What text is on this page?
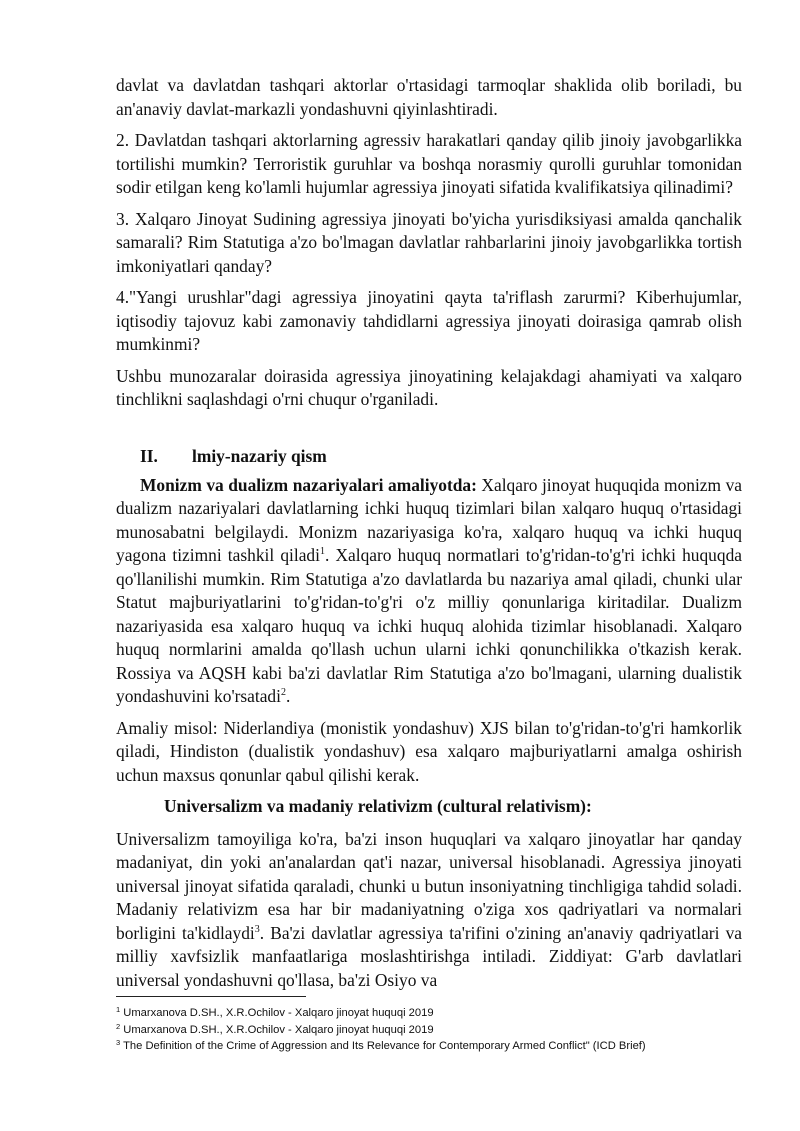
davlat va davlatdan tashqari aktorlar o'rtasidagi tarmoqlar shaklida olib boriladi, bu an'anaviy davlat-markazli yondashuvni qiyinlashtiradi.

2. Davlatdan tashqari aktorlarning agressiv harakatlari qanday qilib jinoiy javobgarlikka tortilishi mumkin? Terroristik guruhlar va boshqa norasmiy qurolli guruhlar tomonidan sodir etilgan keng ko'lamli hujumlar agressiya jinoyati sifatida kvalifikatsiya qilinadimi?

3. Xalqaro Jinoyat Sudining agressiya jinoyati bo'yicha yurisdiksiyasi amalda qanchalik samarali? Rim Statutiga a'zo bo'lmagan davlatlar rahbarlarini jinoiy javobgarlikka tortish imkoniyatlari qanday?

4."Yangi urushlar"dagi agressiya jinoyatini qayta ta'riflash zarurmi? Kiberhujumlar, iqtisodiy tajovuz kabi zamonaviy tahdidlarni agressiya jinoyati doirasiga qamrab olish mumkinmi?

Ushbu munozaralar doirasida agressiya jinoyatining kelajakdagi ahamiyati va xalqaro tinchlikni saqlashdagi o'rni chuqur o'rganiladi.

II. lmiy-nazariy qism

Monizm va dualizm nazariyalari amaliyotda: Xalqaro jinoyat huquqida monizm va dualizm nazariyalari davlatlarning ichki huquq tizimlari bilan xalqaro huquq o'rtasidagi munosabatni belgilaydi. Monizm nazariyasiga ko'ra, xalqaro huquq va ichki huquq yagona tizimni tashkil qiladi$^1$. Xalqaro huquq normatlari to'g'ridan-to'g'ri ichki huquqda qo'llanilishi mumkin. Rim Statutiga a'zo davlatlarda bu nazariya amal qiladi, chunki ular Statut majburiyatlarini to'g'ridan-to'g'ri o'z milliy qonunlariga kiritadilar. Dualizm nazariyasida esa xalqaro huquq va ichki huquq alohida tizimlar hisoblanadi. Xalqaro huquq normlarini amalda qo'llash uchun ularni ichki qonunchilikka o'tkazish kerak. Rossiya va AQSH kabi ba'zi davlatlar Rim Statutiga a'zo bo'lmagani, ularning dualistik yondashuvini ko'rsatadi$^2$.

Amaliy misol: Niderlandiya (monistik yondashuv) XJS bilan to'g'ridan-to'g'ri hamkorlik qiladi, Hindiston (dualistik yondashuv) esa xalqaro majburiyatlarni amalga oshirish uchun maxsus qonunlar qabul qilishi kerak.

Universalizm va madaniy relativizm (cultural relativism):

Universalizm tamoyiliga ko'ra, ba'zi inson huquqlari va xalqaro jinoyatlar har qanday madaniyat, din yoki an'analardan qat'i nazar, universal hisoblanadi. Agressiya jinoyati universal jinoyat sifatida qaraladi, chunki u butun insoniyatning tinchligiga tahdid soladi. Madaniy relativizm esa har bir madaniyatning o'ziga xos qadriyatlari va normalari borligini ta'kidlaydi$^3$. Ba'zi davlatlar agressiya ta'rifini o'zining an'anaviy qadriyatlari va milliy xavfsizlik manfaatlariga moslashtirishga intiladi. Ziddiyat: G'arb davlatlari universal yondashuvni qo'llasa, ba'zi Osiyo va

$^1$ Umarxanova D.SH., X.R.Ochilov - Xalqaro jinoyat huquqi 2019
$^2$ Umarxanova D.SH., X.R.Ochilov - Xalqaro jinoyat huquqi 2019
$^3$ The Definition of the Crime of Aggression and Its Relevance for Contemporary Armed Conflict" (ICD Brief)
